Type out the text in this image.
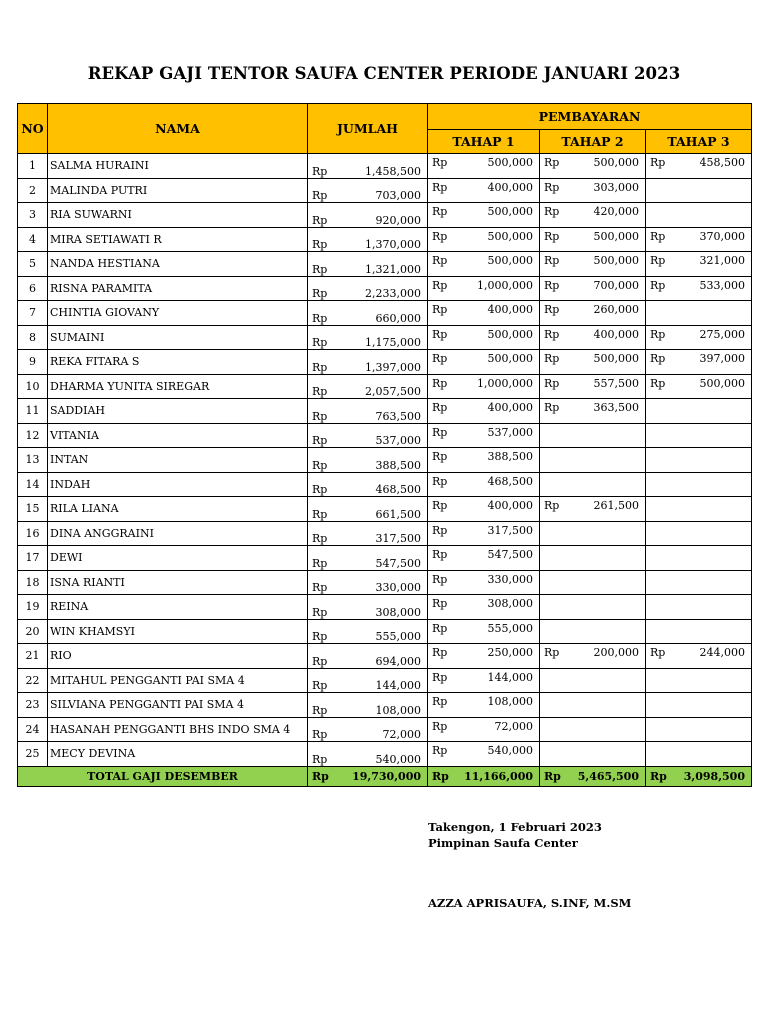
REKAP GAJI TENTOR SAUFA CENTER PERIODE JANUARI 2023
NO	NAMA	JUMLAH	PEMBAYARAN		
			TAHAP 1	TAHAP 2	TAHAP 3
1	SALMA HURAINI	Rp 1,458,500	Rp 500,000	Rp 500,000	Rp 458,500

2	MALINDA PUTRI	Rp 703,000	Rp 400,000	Rp 303,000	

3	RIA SUWARNI	Rp 920,000	Rp 500,000	Rp 420,000	

4	MIRA SETIAWATI R	Rp 1,370,000	Rp 500,000	Rp 500,000	Rp 370,000

5	NANDA HESTIANA	Rp 1,321,000	Rp 500,000	Rp 500,000	Rp 321,000

6	RISNA PARAMITA	Rp 2,233,000	Rp 1,000,000	Rp 700,000	Rp 533,000

7	CHINTIA GIOVANY	Rp 660,000	Rp 400,000	Rp 260,000	

8	SUMAINI	Rp 1,175,000	Rp 500,000	Rp 400,000	Rp 275,000

9	REKA FITARA S	Rp 1,397,000	Rp 500,000	Rp 500,000	Rp 397,000

10	DHARMA YUNITA SIREGAR	Rp 2,057,500	Rp 1,000,000	Rp 557,500	Rp 500,000

11	SADDIAH	Rp 763,500	Rp 400,000	Rp 363,500	

12	VITANIA	Rp 537,000	Rp 537,000		

13	INTAN	Rp 388,500	Rp 388,500		

14	INDAH	Rp 468,500	Rp 468,500		

15	RILA LIANA	Rp 661,500	Rp 400,000	Rp 261,500	

16	DINA ANGGRAINI	Rp 317,500	Rp 317,500		

17	DEWI	Rp 547,500	Rp 547,500		

18	ISNA RIANTI	Rp 330,000	Rp 330,000		

19	REINA	Rp 308,000	Rp 308,000		

20	WIN KHAMSYI	Rp 555,000	Rp 555,000		

21	RIO	Rp 694,000	Rp 250,000	Rp 200,000	Rp 244,000

22	MITAHUL PENGGANTI PAI SMA 4	Rp 144,000	Rp 144,000		

23	SILVIANA PENGGANTI PAI SMA 4	Rp 108,000	Rp 108,000		

24	HASANAH PENGGANTI BHS INDO SMA 4	Rp 72,000	Rp 72,000		

25	MECY DEVINA	Rp 540,000	Rp 540,000		

TOTAL GAJI DESEMBER		Rp 19,730,000	Rp 11,166,000	Rp 5,465,500	Rp 3,098,500
Takengon, 1 Februari 2023
Pimpinan Saufa Center
AZZA APRISAUFA, S.INF, M.SM
